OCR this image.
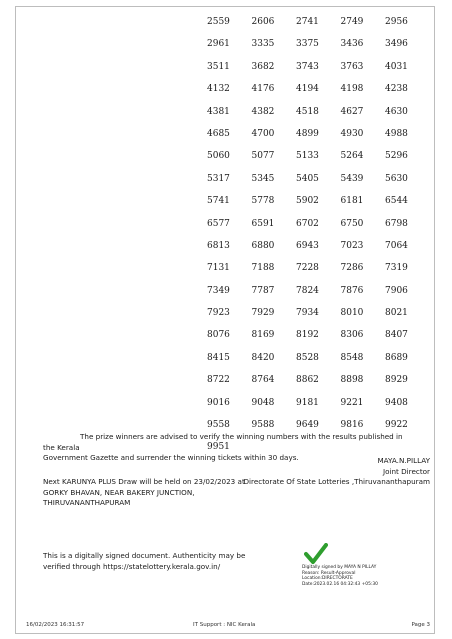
2559	2606	2741	2749	2956
2961	3335	3375	3436	3496
3511	3682	3743	3763	4031
4132	4176	4194	4198	4238
4381	4382	4518	4627	4630
4685	4700	4899	4930	4988
5060	5077	5133	5264	5296
5317	5345	5405	5439	5630
5741	5778	5902	6181	6544
6577	6591	6702	6750	6798
6813	6880	6943	7023	7064
7131	7188	7228	7286	7319
7349	7787	7824	7876	7906
7923	7929	7934	8010	8021
8076	8169	8192	8306	8407
8415	8420	8528	8548	8689
8722	8764	8862	8898	8929
9016	9048	9181	9221	9408
9558	9588	9649	9816	9922
9951
The prize winners are advised to verify the winning numbers with the results published in the Kerala
Government Gazette and surrender the winning tickets within 30 days.	MAYA.N.PILLAY
Joint Director
Next KARUNYA PLUS Draw will be held on 23/02/2023 at
GORKY BHAVAN, NEAR BAKERY JUNCTION,
THIRUVANANTHAPURAM
Directorate Of State Lotteries ,Thiruvananthapuram
This is a digitally signed document. Authenticity may be
verified through https://statelottery.kerala.gov.in/	Digitally signed by MAYA N PILLAY
Reason: Result-Approval
Location:DIRECTORATE
Date:2023.02.16 04:32:43 +05:30
16/02/2023 16:31:57	IT Support : NIC Kerala	Page 3
